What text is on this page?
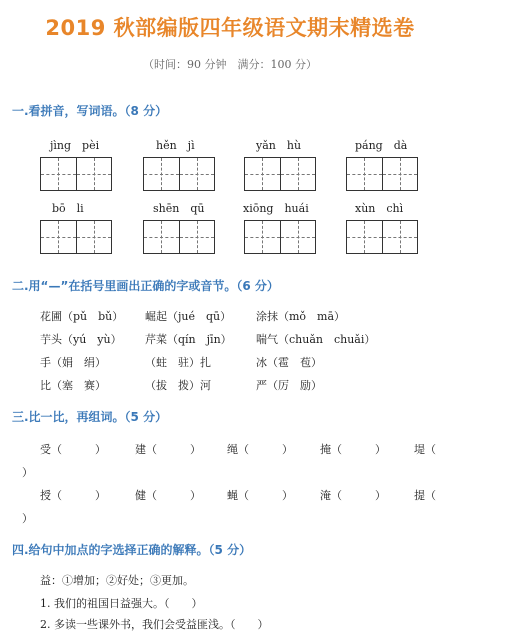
2019 秋部编版四年级语文期末精选卷
（时间：90 分钟　满分：100 分）
一.看拼音，写词语。（8 分）
jìng　pèi	hěn　jì	yǎn　hù	páng　dà
bō　li	shēn　qū	xiōng　huái	xùn　chì
二.用“—”在括号里画出正确的字或音节。（6 分）
花圃（pǔ　bǔ） 崛起（jué　qū） 涂抹（mǒ　mā）
芋头（yú　yù） 芹菜（qín　jīn） 喘气（chuǎn　chuǎi）
手（娟　绢）	（蛀　驻）扎	冰（雹　苞）
比（塞　赛）	（拔　拨）河	严（厉　励）
三.比一比，再组词。（5 分）
受（　　　）	建（　　　） 绳（　　　） 掩（　　　）	堤（
）
授（　　　）	健（　　　） 蝇（　　　） 淹（　　　）	提（
）
四.给句中加点的字选择正确的解释。（5 分）
益：①增加；②好处；③更加。
1. 我们的祖国日益强大。（　　）
2. 多读一些课外书，我们会受益匪浅。（　　）
